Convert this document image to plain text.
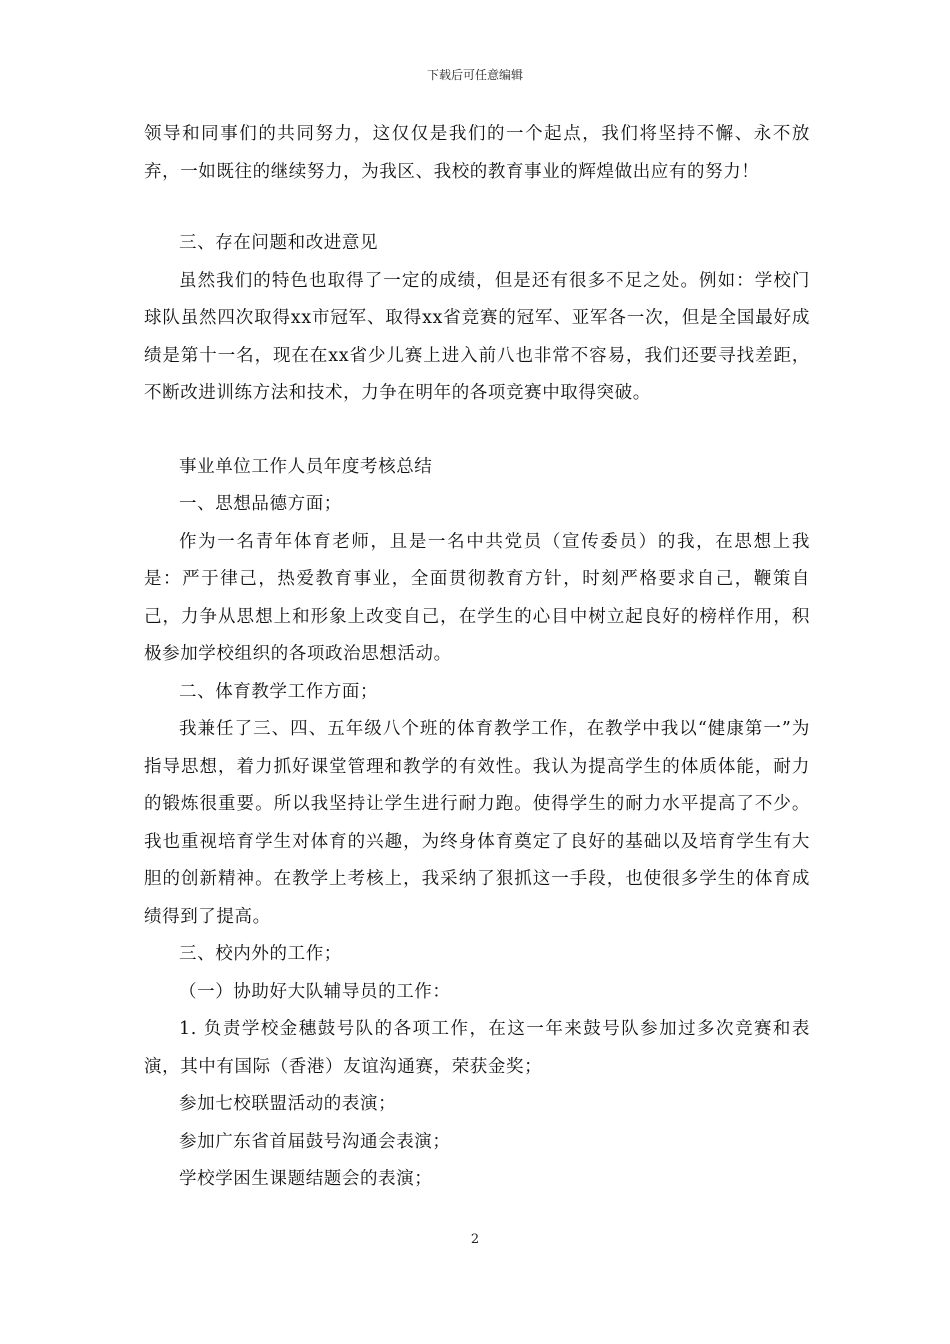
下载后可任意编辑

领导和同事们的共同努力，这仅仅是我们的一个起点，我们将坚持不懈、永不放弃，一如既往的继续努力，为我区、我校的教育事业的辉煌做出应有的努力！

三、存在问题和改进意见

虽然我们的特色也取得了一定的成绩，但是还有很多不足之处。例如：学校门球队虽然四次取得xx市冠军、取得xx省竞赛的冠军、亚军各一次，但是全国最好成绩是第十一名，现在在xx省少儿赛上进入前八也非常不容易，我们还要寻找差距，不断改进训练方法和技术，力争在明年的各项竞赛中取得突破。

事业单位工作人员年度考核总结

一、思想品德方面；

作为一名青年体育老师，且是一名中共党员（宣传委员）的我，在思想上我是：严于律己，热爱教育事业，全面贯彻教育方针，时刻严格要求自己，鞭策自己，力争从思想上和形象上改变自己，在学生的心目中树立起良好的榜样作用，积极参加学校组织的各项政治思想活动。

二、体育教学工作方面；

我兼任了三、四、五年级八个班的体育教学工作，在教学中我以“健康第一”为指导思想，着力抓好课堂管理和教学的有效性。我认为提高学生的体质体能，耐力的锻炼很重要。所以我坚持让学生进行耐力跑。使得学生的耐力水平提高了不少。我也重视培育学生对体育的兴趣，为终身体育奠定了良好的基础以及培育学生有大胆的创新精神。在教学上考核上，我采纳了狠抓这一手段，也使很多学生的体育成绩得到了提高。

三、校内外的工作；

（一）协助好大队辅导员的工作：

1. 负责学校金穗鼓号队的各项工作，在这一年来鼓号队参加过多次竞赛和表演，其中有国际（香港）友谊沟通赛，荣获金奖；

参加七校联盟活动的表演；

参加广东省首届鼓号沟通会表演；

学校学困生课题结题会的表演；

2
